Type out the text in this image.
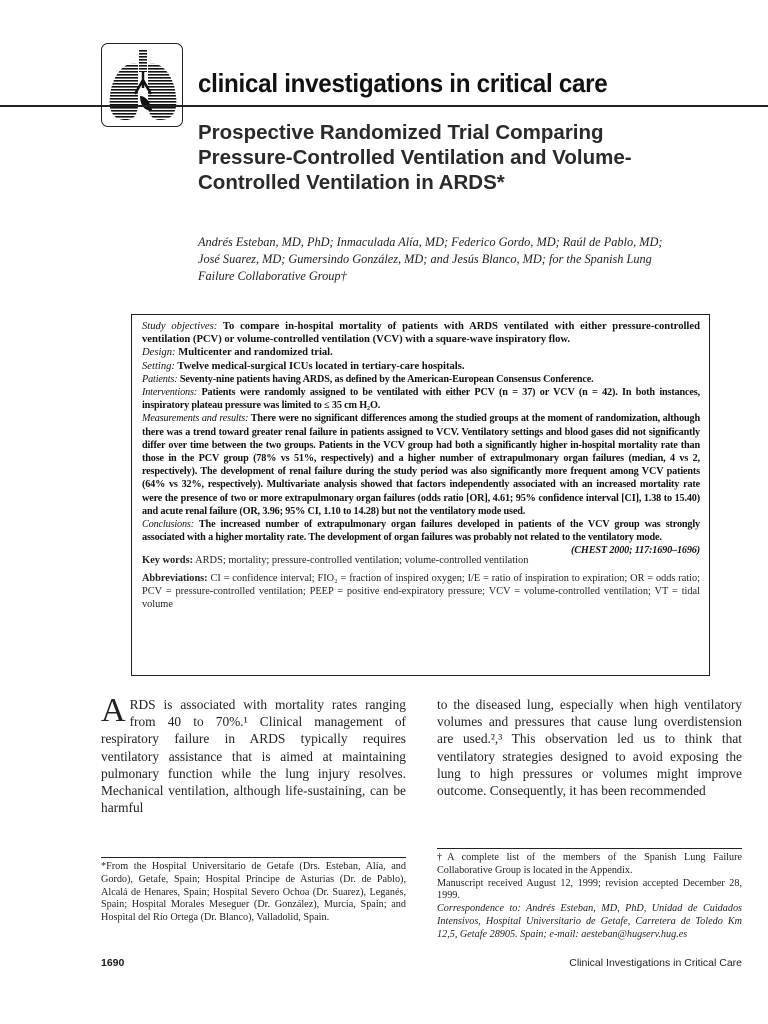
clinical investigations in critical care
Prospective Randomized Trial Comparing Pressure-Controlled Ventilation and Volume-Controlled Ventilation in ARDS*

Andrés Esteban, MD, PhD; Inmaculada Alía, MD; Federico Gordo, MD; Raúl de Pablo, MD; José Suarez, MD; Gumersindo González, MD; and Jesús Blanco, MD; for the Spanish Lung Failure Collaborative Group†

Study objectives: To compare in-hospital mortality of patients with ARDS ventilated with either pressure-controlled ventilation (PCV) or volume-controlled ventilation (VCV) with a square-wave inspiratory flow.

Design: Multicenter and randomized trial.

Setting: Twelve medical-surgical ICUs located in tertiary-care hospitals.

Patients: Seventy-nine patients having ARDS, as defined by the American-European Consensus Conference.

Interventions: Patients were randomly assigned to be ventilated with either PCV (n = 37) or VCV (n = 42). In both instances, inspiratory plateau pressure was limited to ≤ 35 cm H₂O.

Measurements and results: There were no significant differences among the studied groups at the moment of randomization, although there was a trend toward greater renal failure in patients assigned to VCV. Ventilatory settings and blood gases did not significantly differ over time between the two groups. Patients in the VCV group had both a significantly higher in-hospital mortality rate than those in the PCV group (78% vs 51%, respectively) and a higher number of extrapulmonary organ failures (median, 4 vs 2, respectively). The development of renal failure during the study period was also significantly more frequent among VCV patients (64% vs 32%, respectively). Multivariate analysis showed that factors independently associated with an increased mortality rate were the presence of two or more extrapulmonary organ failures (odds ratio [OR], 4.61; 95% confidence interval [CI], 1.38 to 15.40) and acute renal failure (OR, 3.96; 95% CI, 1.10 to 14.28) but not the ventilatory mode used.

Conclusions: The increased number of extrapulmonary organ failures developed in patients of the VCV group was strongly associated with a higher mortality rate. The development of organ failures was probably not related to the ventilatory mode.
(CHEST 2000; 117:1690–1696)

Key words: ARDS; mortality; pressure-controlled ventilation; volume-controlled ventilation

Abbreviations: CI = confidence interval; FIO₂ = fraction of inspired oxygen; I/E = ratio of inspiration to expiration; OR = odds ratio; PCV = pressure-controlled ventilation; PEEP = positive end-expiratory pressure; VCV = volume-controlled ventilation; VT = tidal volume

A RDS is associated with mortality rates ranging from 40 to 70%.¹ Clinical management of respiratory failure in ARDS typically requires ventilatory assistance that is aimed at maintaining pulmonary function while the lung injury resolves. Mechanical ventilation, although life-sustaining, can be harmful

to the diseased lung, especially when high ventilatory volumes and pressures that cause lung overdistension are used.²,³ This observation led us to think that ventilatory strategies designed to avoid exposing the lung to high pressures or volumes might improve outcome. Consequently, it has been recommended

*From the Hospital Universitario de Getafe (Drs. Esteban, Alía, and Gordo), Getafe, Spain; Hospital Príncipe de Asturias (Dr. de Pablo), Alcalá de Henares, Spain; Hospital Severo Ochoa (Dr. Suarez), Leganés, Spain; Hospital Morales Meseguer (Dr. González), Murcia, Spain; and Hospital del Río Ortega (Dr. Blanco), Valladolid, Spain.

†A complete list of the members of the Spanish Lung Failure Collaborative Group is located in the Appendix.

Manuscript received August 12, 1999; revision accepted December 28, 1999.

Correspondence to: Andrés Esteban, MD, PhD, Unidad de Cuidados Intensivos, Hospital Universitario de Getafe, Carretera de Toledo Km 12,5, Getafe 28905. Spain; e-mail: aesteban@hugserv.hug.es

1690	Clinical Investigations in Critical Care
